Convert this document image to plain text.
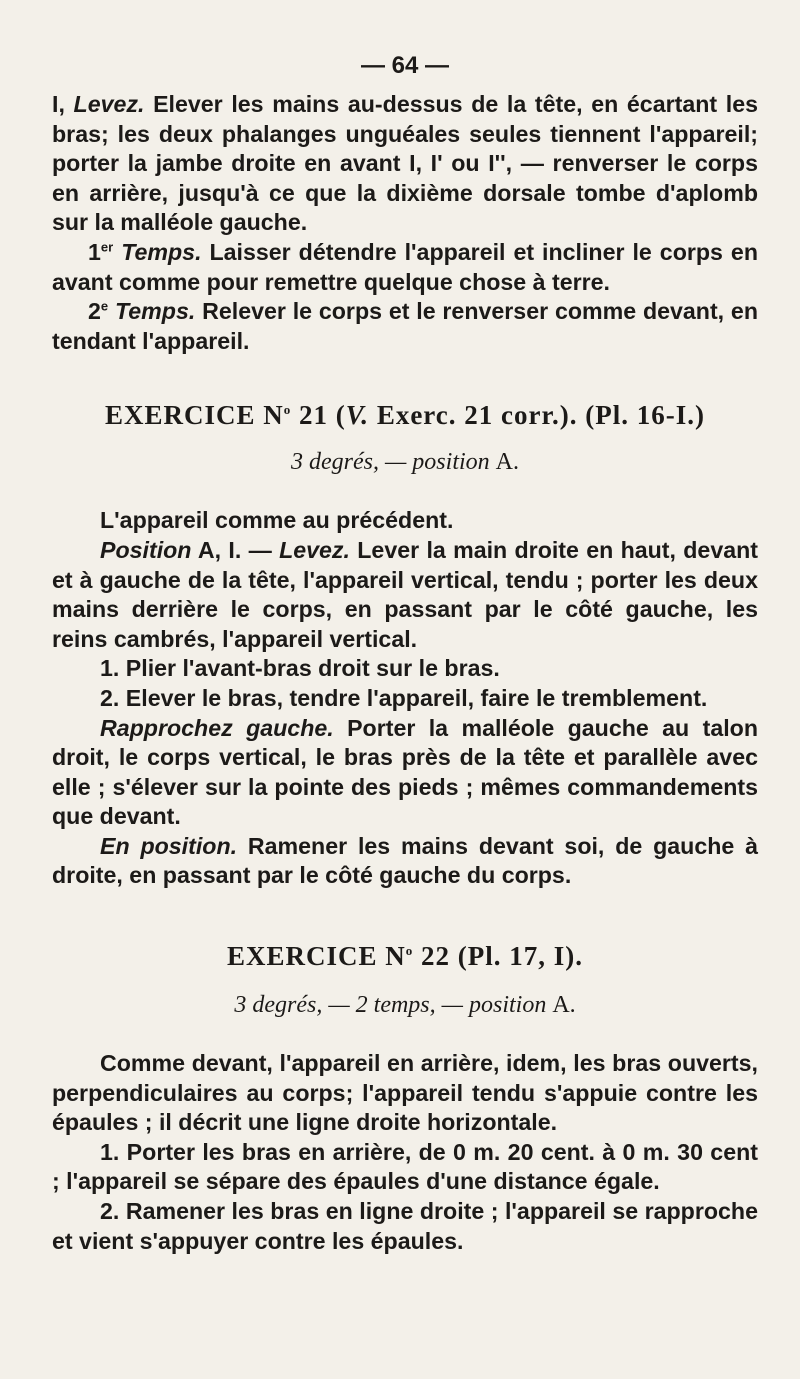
— 64 —

I, Levez. Elever les mains au-dessus de la tête, en écartant les bras; les deux phalanges unguéales seules tiennent l'appareil; porter la jambe droite en avant I, I' ou I'', — renverser le corps en arrière, jusqu'à ce que la dixième dorsale tombe d'aplomb sur la malléole gauche.

1er Temps. Laisser détendre l'appareil et incliner le corps en avant comme pour remettre quelque chose à terre.

2e Temps. Relever le corps et le renverser comme devant, en tendant l'appareil.

EXERCICE $N^o$ 21 (V. Exerc. 21 corr.). (Pl. 16-I.)
3 degrés, — position A.

L'appareil comme au précédent.

Position A, I. — Levez. Lever la main droite en haut, devant et à gauche de la tête, l'appareil vertical, tendu ; porter les deux mains derrière le corps, en passant par le côté gauche, les reins cambrés, l'appareil vertical.

1. Plier l'avant-bras droit sur le bras.

2. Elever le bras, tendre l'appareil, faire le tremblement.

Rapprochez gauche. Porter la malléole gauche au talon droit, le corps vertical, le bras près de la tête et parallèle avec elle ; s'élever sur la pointe des pieds ; mêmes commandements que devant.

En position. Ramener les mains devant soi, de gauche à droite, en passant par le côté gauche du corps.

EXERCICE $N^o$ 22 (Pl. 17, I).
3 degrés, — 2 temps, — position A.

Comme devant, l'appareil en arrière, idem, les bras ouverts, perpendiculaires au corps; l'appareil tendu s'appuie contre les épaules ; il décrit une ligne droite horizontale.

1. Porter les bras en arrière, de 0 m. 20 cent. à 0 m. 30 cent ; l'appareil se sépare des épaules d'une distance égale.

2. Ramener les bras en ligne droite ; l'appareil se rapproche et vient s'appuyer contre les épaules.
